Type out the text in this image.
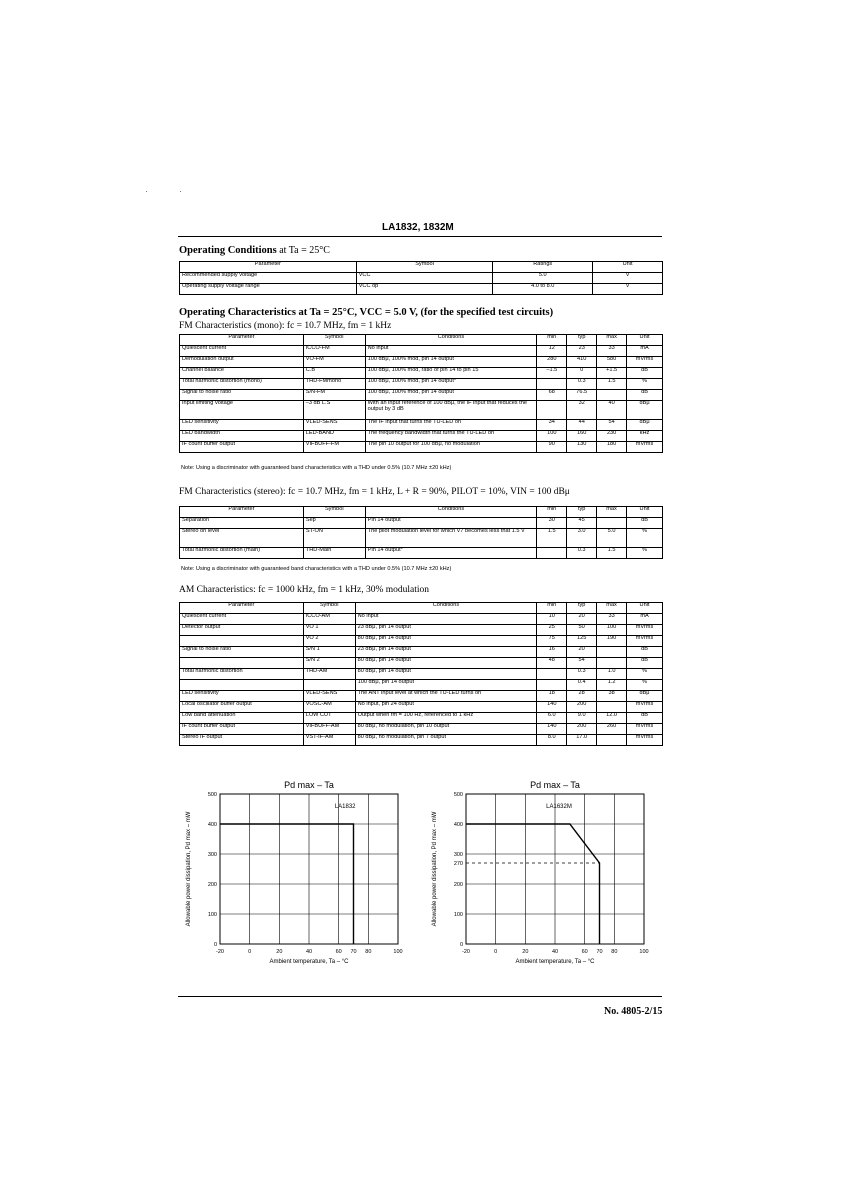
LA1832, 1832M
Operating Conditions at Ta = 25°C
Parameter	Symbol	Ratings	Unit
Recommended supply voltage	VCC	5.0	V
Operating supply voltage range	VCC op	4.0 to 8.0	V
Operating Characteristics at Ta = 25°C, VCC = 5.0 V, (for the specified test circuits)
FM Characteristics (mono): fc = 10.7 MHz, fm = 1 kHz
Parameter	Symbol	Conditions	min	typ	max	Unit
Quiescent current	ICCO-FM	No input	12	23	33	mA
Demodulation output	VO-FM	100 dBμ, 100% mod, pin 14 output	280	410	580	mVrms
Channel balance	C.B	100 dBμ, 100% mod, ratio of pin 14 to pin 15	–1.5	0	+1.5	dB
Total harmonic distortion (mono)	THD-FMmono	100 dBμ, 100% mod, pin 14 output*		0.3	1.5	%
Signal to noise ratio	S/N-FM	100 dBμ, 100% mod, pin 14 output	68	76.5		dB
Input limiting voltage	–3 dB L.S	With an input reference of 100 dBμ, the IF input that reduces the output by 3 dB		32	40	dBμ
LED sensitivity	VLED-SENS	The IF input that turns the TU-LED on	34	44	54	dBμ
LED bandwidth	LED-BAND	The frequency bandwidth that turns the TU-LED on	100	160	230	kHz
IF count buffer output	VIFBUFF-FM	The pin 10 output for 100 dBμ, no modulation	90	130	180	mVrms
Note: Using a discriminator with guaranteed band characteristics with a THD under 0.5% (10.7 MHz ±20 kHz)
FM Characteristics (stereo): fc = 10.7 MHz, fm = 1 kHz, L + R = 90%, PILOT = 10%, VIN = 100 dBμ
Parameter	Symbol	Conditions	min	typ	max	Unit
Separation	Sep	Pin 14 output	30	45		dB
Stereo on level	ST-ON	The pilot modulation level for which V7 becomes less that 1.5 V	1.5	3.0	5.0	%
Total harmonic distortion (main)	THD-Main	Pin 14 output*		0.3	1.5	%
Note: Using a discriminator with guaranteed band characteristics with a THD under 0.5% (10.7 MHz ±20 kHz)
AM Characteristics: fc = 1000 kHz, fm = 1 kHz, 30% modulation
Parameter	Symbol	Conditions	min	typ	max	Unit
Quiescent current	ICCO-AM	No input	10	20	33	mA
Detector output	VO 1	23 dBμ, pin 14 output	25	50	100	mVrms
	VO 2	80 dBμ, pin 14 output	75	125	190	mVrms
Signal to noise ratio	S/N 1	23 dBμ, pin 14 output	16	20		dB
	S/N 2	80 dBμ, pin 14 output	48	54		dB
Total harmonic distortion	THD-AM	80 dBμ, pin 14 output		0.3	1.0	%
		100 dBμ, pin 14 output		0.4	1.2	%
LED sensitivity	VLED-SENS	The ANT input level at which the TU-LED turns on	18	28	38	dBμ
Local oscillator buffer output	VOSC-AM	No input, pin 24 output	140	200		mVrms
Low band attenuation	LOW CUT	Output when fm = 100 Hz, referenced to 1 kHz	6.0	9.0	12.0	dB
IF count buffer output	VIFBUFF-AM	80 dBμ, no modulation, pin 10 output	140	200	260	mVrms
Stereo IF output	VST-IF-AM	80 dBμ, no modulation, pin 7 output	8.0	17.0		mVrms
Pd max – Ta
-20	0	20	40	60 70 80	100
0
100
200
300
400
500
Ambient temperature, Ta – °C
Allowable power dissipation, Pd max – mW
LA1832
Pd max – Ta
-20	0	20	40	60 70 80	100
0
100
200
270
300
400
500
Ambient temperature, Ta – °C
Allowable power dissipation, Pd max – mW
LA1632M
No. 4805-2/15
